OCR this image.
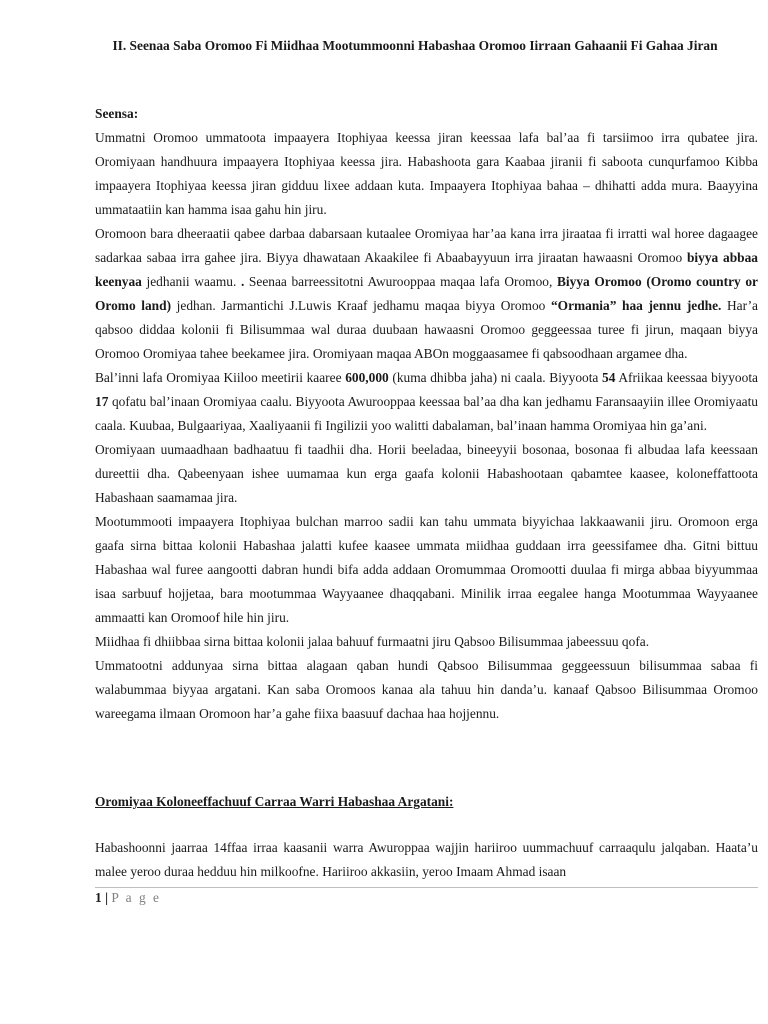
II. Seenaa Saba Oromoo Fi Miidhaa Mootummoonni Habashaa Oromoo Iirraan Gahaanii Fi Gahaa Jiran
Seensa:

Ummatni Oromoo ummatoota impaayera Itophiyaa keessa jiran keessaa lafa bal’aa fi tarsiimoo irra qubatee jira. Oromiyaan handhuura impaayera Itophiyaa keessa jira. Habashoota gara Kaabaa jiranii fi saboota cunqurfamoo Kibba impaayera Itophiyaa keessa jiran gidduu lixee addaan kuta. Impaayera Itophiyaa bahaa – dhihatti adda mura. Baayyina ummataatiin kan hamma isaa gahu hin jiru.

Oromoon bara dheeraatii qabee darbaa dabarsaan kutaalee Oromiyaa har’aa kana irra jiraataa fi irratti wal horee dagaagee sadarkaa sabaa irra gahee jira. Biyya dhawataan Akaakilee fi Abaabayyuun irra jiraatan hawaasni Oromoo biyya abbaa keenyaa jedhanii waamu. . Seenaa barreessitotni Awurooppaa maqaa lafa Oromoo, Biyya Oromoo (Oromo country or Oromo land) jedhan. Jarmantichi J.Luwis Kraaf jedhamu maqaa biyya Oromoo “Ormania” haa jennu jedhe. Har’a qabsoo diddaa kolonii fi Bilisummaa wal duraa duubaan hawaasni Oromoo geggeessaa turee fi jirun, maqaan biyya Oromoo Oromiyaa tahee beekamee jira. Oromiyaan maqaa ABOn moggaasamee fi qabsoodhaan argamee dha.

Bal’inni lafa Oromiyaa Kiiloo meetirii kaaree 600,000 (kuma dhibba jaha) ni caala. Biyyoota 54 Afriikaa keessaa biyyoota 17 qofatu bal’inaan Oromiyaa caalu. Biyyoota Awurooppaa keessaa bal’aa dha kan jedhamu Faransaayiin illee Oromiyaatu caala. Kuubaa, Bulgaariyaa, Xaaliyaanii fi Ingilizii yoo walitti dabalaman, bal’inaan hamma Oromiyaa hin ga’ani.

Oromiyaan uumaadhaan badhaatuu fi taadhii dha. Horii beeladaa, bineeyyii bosonaa, bosonaa fi albudaa lafa keessaan dureettii dha. Qabeenyaan ishee uumamaa kun erga gaafa kolonii Habashootaan qabamtee kaasee, koloneffattoota Habashaan saamamaa jira.

Mootummooti impaayera Itophiyaa bulchan marroo sadii kan tahu ummata biyyichaa lakkaawanii jiru. Oromoon erga gaafa sirna bittaa kolonii Habashaa jalatti kufee kaasee ummata miidhaa guddaan irra geessifamee dha. Gitni bittuu Habashaa wal furee aangootti dabran hundi bifa adda addaan Oromummaa Oromootti duulaa fi mirga abbaa biyyummaa isaa sarbuuf hojjetaa, bara mootummaa Wayyaanee dhaqqabani. Minilik irraa eegalee hanga Mootummaa Wayyaanee ammaatti kan Oromoof hile hin jiru.

Miidhaa fi dhiibbaa sirna bittaa kolonii jalaa bahuuf furmaatni jiru Qabsoo Bilisummaa jabeessuu qofa.

Ummatootni addunyaa sirna bittaa alagaan qaban hundi Qabsoo Bilisummaa geggeessuun bilisummaa sabaa fi walabummaa biyyaa argatani. Kan saba Oromoos kanaa ala tahuu hin danda’u. kanaaf Qabsoo Bilisummaa Oromoo wareegama ilmaan Oromoon har’a gahe fiixa baasuuf dachaa haa hojjennu.

Oromiyaa Koloneeffachuuf Carraa Warri Habashaa Argatani:

Habashoonni jaarraa 14ffaa irraa kaasanii warra Awuroppaa wajjin hariiroo uummachuuf carraaqulu jalqaban. Haata’u malee yeroo duraa hedduu hin milkoofne. Hariiroo akkasiin, yeroo Imaam Ahmad isaan

1 | P a g e
